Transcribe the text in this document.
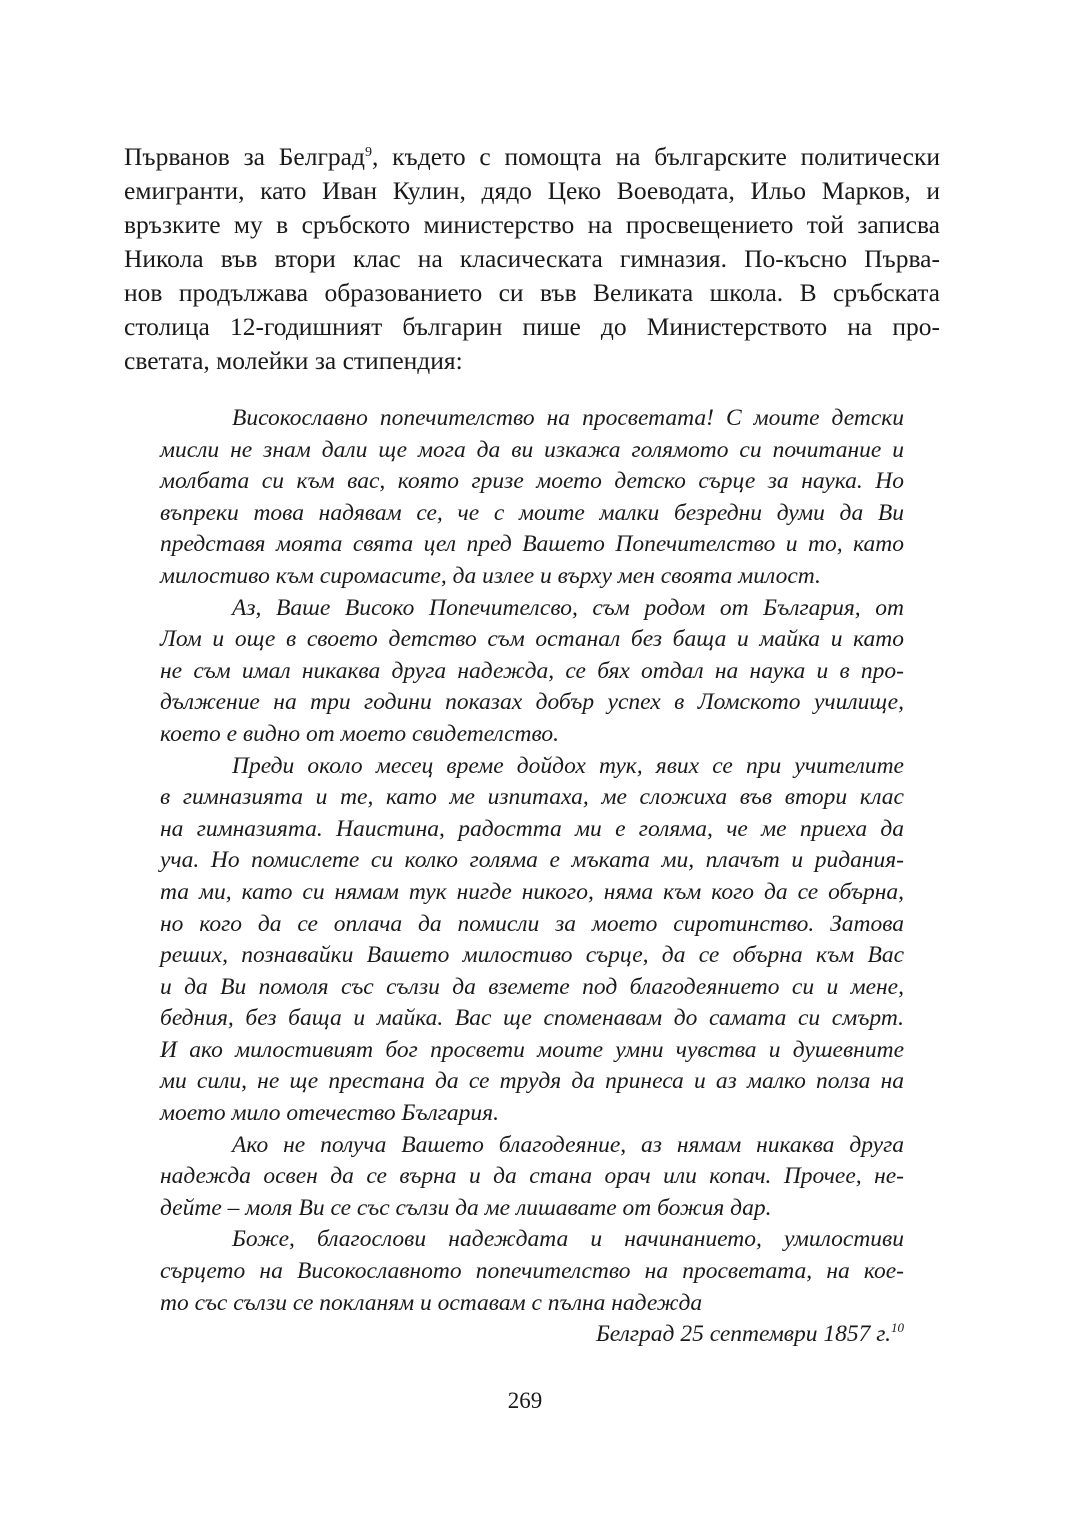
Първанов за Белград$^9$, където с помощта на българските политически
емигранти, като Иван Кулин, дядо Цеко Воеводата, Ильо Марков, и
връзките му в сръбското министерство на просвещението той записва
Никола във втори клас на класическата гимназия. По-късно Първа-
нов продължава образованието си във Великата школа. В сръбската
столица 12-годишният българин пише до Министерството на про-
светата, молейки за стипендия:
Високославно попечителство на просветата! С моите детски
мисли не знам дали ще мога да ви изкажа голямото си почитание и
молбата си към вас, която гризе моето детско сърце за наука. Но
въпреки това надявам се, че с моите малки безредни думи да Ви
представя моята свята цел пред Вашето Попечителство и то, като
милостиво към сиромасите, да излее и върху мен своята милост.
Аз, Ваше Високо Попечителсво, съм родом от България, от
Лом и още в своето детство съм останал без баща и майка и като
не съм имал никаква друга надежда, се бях отдал на наука и в про-
дължение на три години показах добър успех в Ломското училище,
което е видно от моето свидетелство.
Преди около месец време дойдох тук, явих се при учителите
в гимназията и те, като ме изпитаха, ме сложиха във втори клас
на гимназията. Наистина, радостта ми е голяма, че ме приеха да
уча. Но помислете си колко голяма е мъката ми, плачът и ридания-
та ми, като си нямам тук нигде никого, няма към кого да се обърна,
но кого да се оплача да помисли за моето сиротинство. Затова
реших, познавайки Вашето милостиво сърце, да се обърна към Вас
и да Ви помоля със сълзи да вземете под благодеянието си и мене,
бедния, без баща и майка. Вас ще споменавам до самата си смърт.
И ако милостивият бог просвети моите умни чувства и душевните
ми сили, не ще престана да се трудя да принеса и аз малко полза на
моето мило отечество България.
Ако не получа Вашето благодеяние, аз нямам никаква друга
надежда освен да се върна и да стана орач или копач. Прочее, не-
дейте – моля Ви се със сълзи да ме лишавате от божия дар.
Боже, благослови надеждата и начинанието, умилостиви
сърцето на Високославното попечителство на просветата, на кое-
то със сълзи се покланям и оставам с пълна надежда
Белград 25 септември 1857 г.$^{10}$
269
